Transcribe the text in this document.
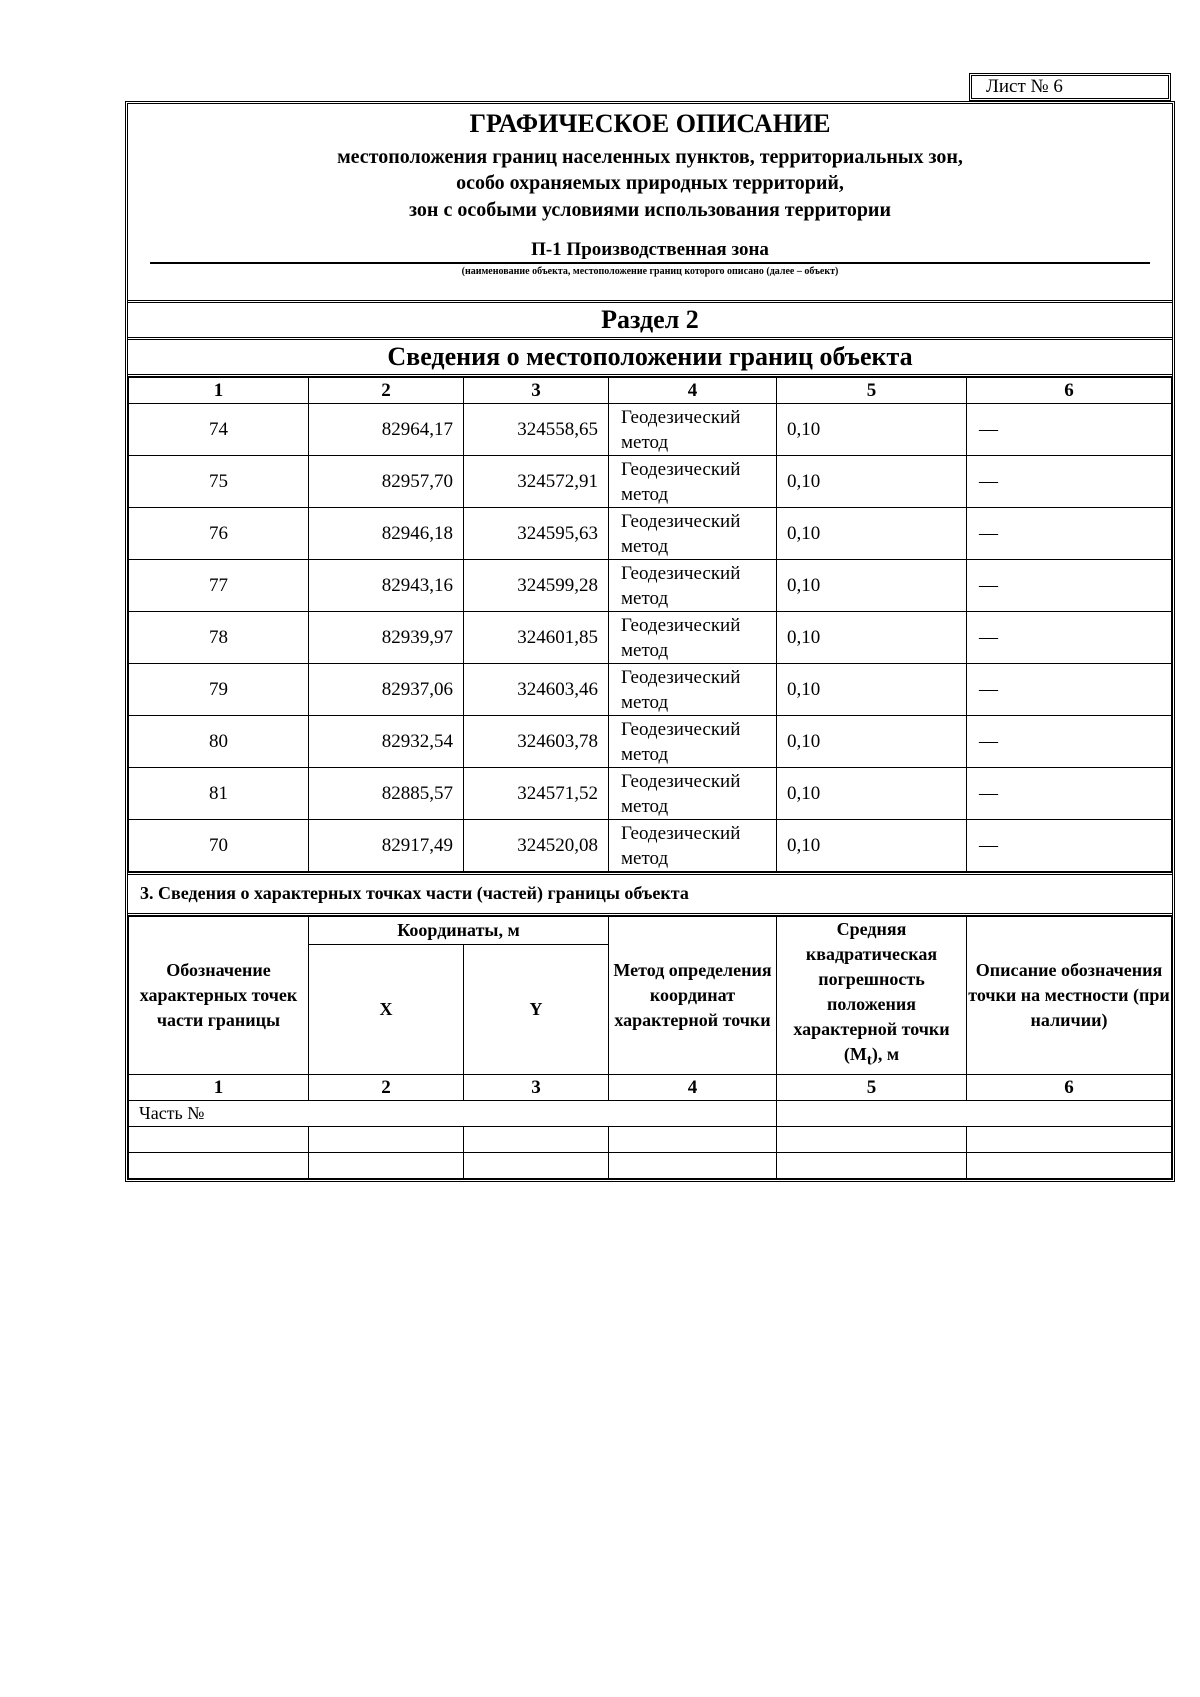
Лист № 6
ГРАФИЧЕСКОЕ ОПИСАНИЕ
местоположения границ населенных пунктов, территориальных зон,
особо охраняемых природных территорий,
зон с особыми условиями использования территории
П-1 Производственная зона
(наименование объекта, местоположение границ которого описано (далее – объект)
Раздел 2
Сведения о местоположении границ объекта
1	2	3	4	5	6
74	82964,17	324558,65	Геодезический метод	0,10	—
75	82957,70	324572,91	Геодезический метод	0,10	—
76	82946,18	324595,63	Геодезический метод	0,10	—
77	82943,16	324599,28	Геодезический метод	0,10	—
78	82939,97	324601,85	Геодезический метод	0,10	—
79	82937,06	324603,46	Геодезический метод	0,10	—
80	82932,54	324603,78	Геодезический метод	0,10	—
81	82885,57	324571,52	Геодезический метод	0,10	—
70	82917,49	324520,08	Геодезический метод	0,10	—
3. Сведения о характерных точках части (частей) границы объекта
Обозначение характерных точек части границы	Координаты, м		Метод определения координат характерной точки	Средняя квадратическая погрешность положения характерной точки $(M_t)$, м	Описание обозначения точки на местности (при наличии)
	X	Y			
1	2	3	4	5	6
Часть №					
